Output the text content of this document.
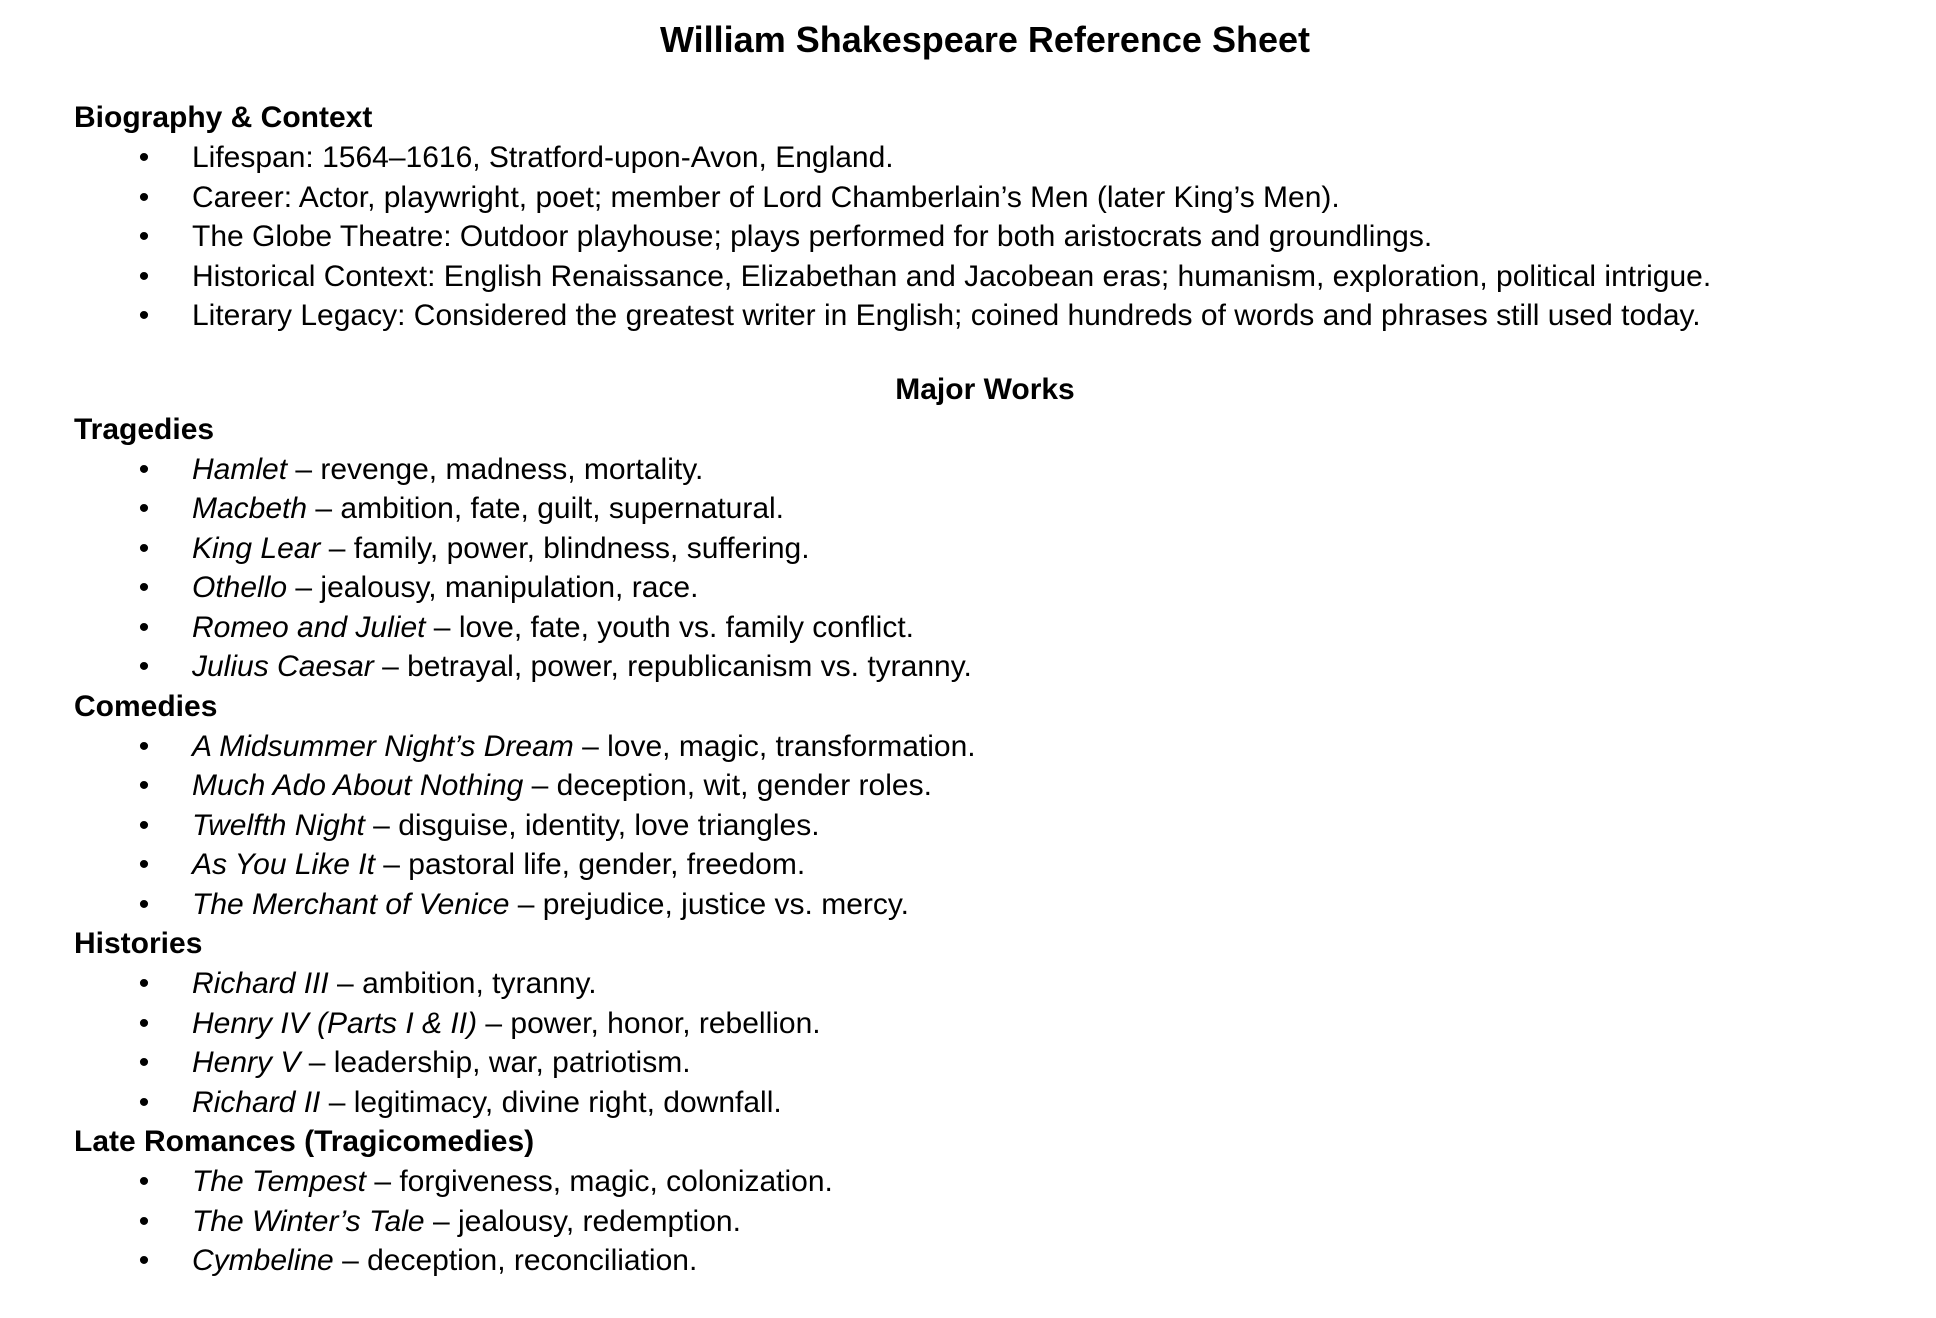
William Shakespeare Reference Sheet
Biography & Context
• Lifespan: 1564–1616, Stratford-upon-Avon, England.
• Career: Actor, playwright, poet; member of Lord Chamberlain’s Men (later King’s Men).
• The Globe Theatre: Outdoor playhouse; plays performed for both aristocrats and groundlings.
• Historical Context: English Renaissance, Elizabethan and Jacobean eras; humanism, exploration, political intrigue.
• Literary Legacy: Considered the greatest writer in English; coined hundreds of words and phrases still used today.
Major Works
Tragedies
• Hamlet – revenge, madness, mortality.
• Macbeth – ambition, fate, guilt, supernatural.
• King Lear – family, power, blindness, suffering.
• Othello – jealousy, manipulation, race.
• Romeo and Juliet – love, fate, youth vs. family conflict.
• Julius Caesar – betrayal, power, republicanism vs. tyranny.
Comedies
• A Midsummer Night’s Dream – love, magic, transformation.
• Much Ado About Nothing – deception, wit, gender roles.
• Twelfth Night – disguise, identity, love triangles.
• As You Like It – pastoral life, gender, freedom.
• The Merchant of Venice – prejudice, justice vs. mercy.
Histories
• Richard III – ambition, tyranny.
• Henry IV (Parts I & II) – power, honor, rebellion.
• Henry V – leadership, war, patriotism.
• Richard II – legitimacy, divine right, downfall.
Late Romances (Tragicomedies)
• The Tempest – forgiveness, magic, colonization.
• The Winter’s Tale – jealousy, redemption.
• Cymbeline – deception, reconciliation.
